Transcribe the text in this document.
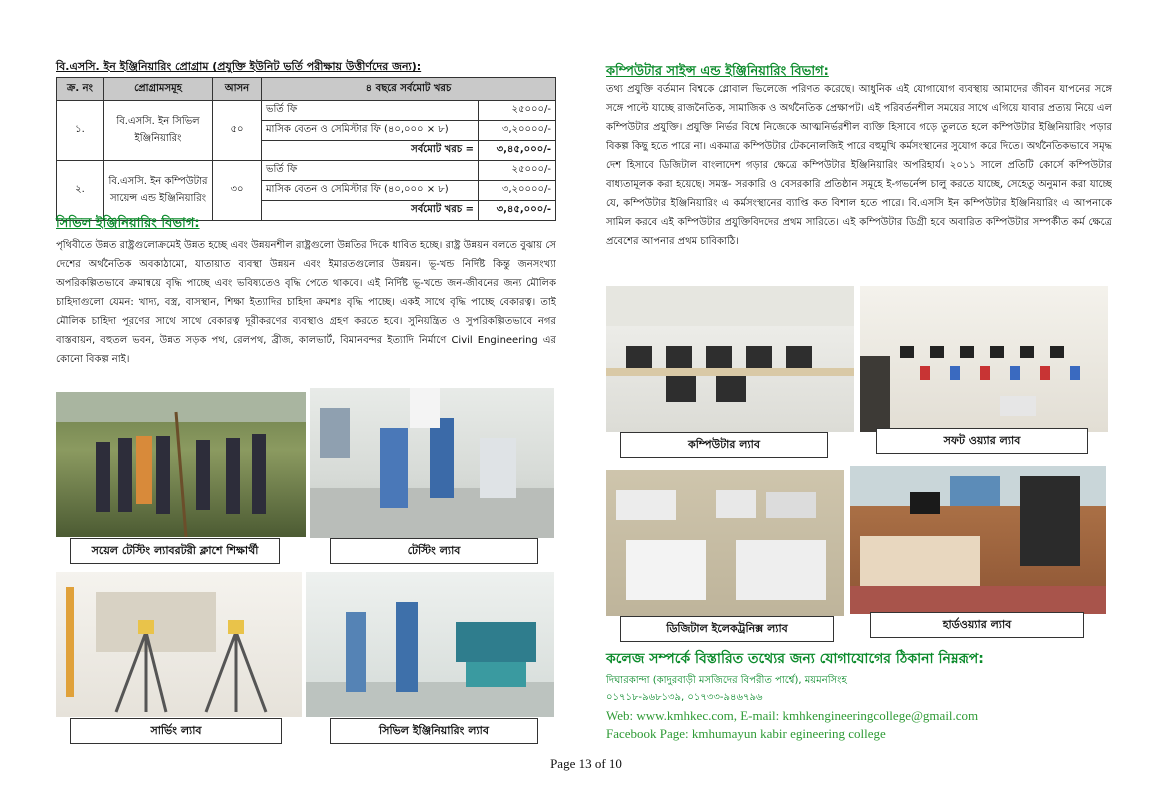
বি.এসসি. ইন ইঞ্জিনিয়ারিং প্রোগ্রাম (প্রযুক্তি ইউনিট ভর্তি পরীক্ষায় উত্তীর্ণদের জন্য):
ক্র. নং	প্রোগ্রামসমূহ	আসন	৪ বছরে সর্বমোট খরচ	
১.	বি.এসসি. ইন সিভিল ইঞ্জিনিয়ারিং	৫০	ভর্তি ফি	২৫০০০/-
			মাসিক বেতন ও সেমিস্টার ফি (৪০,০০০ × ৮)	৩,২০০০০/-
			সর্বমোট খরচ =	৩,৪৫,০০০/-
২.	বি.এসসি. ইন কম্পিউটার সায়েন্স এন্ড ইঞ্জিনিয়ারিং	৩০	ভর্তি ফি	২৫০০০/-
			মাসিক বেতন ও সেমিস্টার ফি (৪০,০০০ × ৮)	৩,২০০০০/-
			সর্বমোট খরচ =	৩,৪৫,০০০/-
সিভিল ইঞ্জিনিয়ারিং বিভাগ:
পৃথিবীতে উন্নত রাষ্ট্রগুলোক্রমেই উন্নত হচ্ছে এবং উন্নয়নশীল রাষ্ট্রগুলো উন্নতির দিকে ধাবিত হচ্ছে। রাষ্ট্র উন্নয়ন বলতে বুঝায় সে দেশের অর্থনৈতিক অবকাঠামো, যাতায়াত ব্যবস্থা উন্নয়ন এবং ইমারতগুলোর উন্নয়ন। ভূ-খন্ড নির্দিষ্ট কিন্তু জনসংখ্যা অপরিকল্পিতভাবে ক্রমান্বয়ে বৃদ্ধি পাচ্ছে এবং ভবিষ্যতেও বৃদ্ধি পেতে থাকবে। এই নির্দিষ্ট ভূ-খন্ডে জন-জীবনের জন্য মৌলিক চাহিদাগুলো যেমন: খাদ্য, বস্ত্র, বাসস্থান, শিক্ষা ইত্যাদির চাহিদা ক্রমশঃ বৃদ্ধি পাচ্ছে। একই সাথে বৃদ্ধি পাচ্ছে বেকারত্ব। তাই মৌলিক চাহিদা পূরণের সাথে সাথে বেকারত্ব দূরীকরণের ব্যবস্থাও গ্রহণ করতে হবে। সুনিয়ন্ত্রিত ও সুপরিকল্পিতভাবে নগর বাস্তবায়ন, বহুতল ভবন, উন্নত সড়ক পথ, রেলপথ, ব্রীজ, কালভার্ট, বিমানবন্দর ইত্যাদি নির্মাণে Civil Engineering এর কোনো বিকল্প নাই।
সয়েল টেস্টিং ল্যাবরটরী ক্লাশে শিক্ষার্থী	টেস্টিং ল্যাব
সার্ভিং ল্যাব	সিভিল ইঞ্জিনিয়ারিং ল্যাব
কম্পিউটার সাইন্স এন্ড ইঞ্জিনিয়ারিং বিভাগ:
তথ্য প্রযুক্তি বর্তমান বিশ্বকে গ্লোবাল ভিলেজে পরিণত করেছে। আধুনিক এই যোগাযোগ ব্যবস্থায় আমাদের জীবন যাপনের সঙ্গে সঙ্গে পাল্টে যাচ্ছে রাজনৈতিক, সামাজিক ও অর্থনৈতিক প্রেক্ষাপট। এই পরিবর্তনশীল সময়ের সাথে এগিয়ে যাবার প্রত্যয় নিয়ে এল কম্পিউটার প্রযুক্তি। প্রযুক্তি নির্ভর বিশ্বে নিজেকে আত্মনির্ভরশীল ব্যক্তি হিসাবে গড়ে তুলতে হলে কম্পিউটার ইঞ্জিনিয়ারিং পড়ার বিকল্প কিছু হতে পারে না। একমাত্র কম্পিউটার টেকনোলজিই পারে বহুমুখি কর্মসংস্থানের সুযোগ করে দিতে। অর্থনৈতিকভাবে সমৃদ্ধ দেশ হিসাবে ডিজিটাল বাংলাদেশ গড়ার ক্ষেত্রে কম্পিউটার ইঞ্জিনিয়ারিং অপরিহার্য। ২০১১ সালে প্রতিটি কোর্সে কম্পিউটার বাধ্যতামূলক করা হয়েছে। সমস্ত- সরকারি ও বেসরকারি প্রতিষ্ঠান সমূহে ই-গভর্নেন্স চালু করতে যাচ্ছে, সেহেতু অনুমান করা যাচ্ছে যে, কম্পিউটার ইঞ্জিনিয়ারিং এ কর্মসংস্থানের ব্যাপ্তি কত বিশাল হতে পারে। বি.এসসি ইন কম্পিউটার ইঞ্জিনিয়ারিং এ আপনাকে সামিল করবে এই কম্পিউটার প্রযুক্তিবিদদের প্রথম সারিতে। এই কম্পিউটার ডিগ্রী হবে অবারিত কম্পিউটার সম্পর্কীত কর্ম ক্ষেত্রে প্রবেশের আপনার প্রথম চাবিকাঠি।
কম্পিউটার ল্যাব	সফট ওয়্যার ল্যাব
ডিজিটাল ইলেকট্রনিক্স ল্যাব	হার্ডওয়্যার ল্যাব
কলেজ সম্পর্কে বিস্তারিত তথ্যের জন্য যোগাযোগের ঠিকানা নিম্নরূপ:
দিঘারকান্দা (কাদুরবাড়ী মসজিদের বিপরীত পার্শ্বে), ময়মনসিংহ
০১৭১৮-৯৬৮১৩৯, ০১৭৩৩-৯৪৬৭৯৬
Web: www.kmhkec.com, E-mail: kmhkengineeringcollege@gmail.com
Facebook Page: kmhumayun kabir egineering college
Page 13 of 10
